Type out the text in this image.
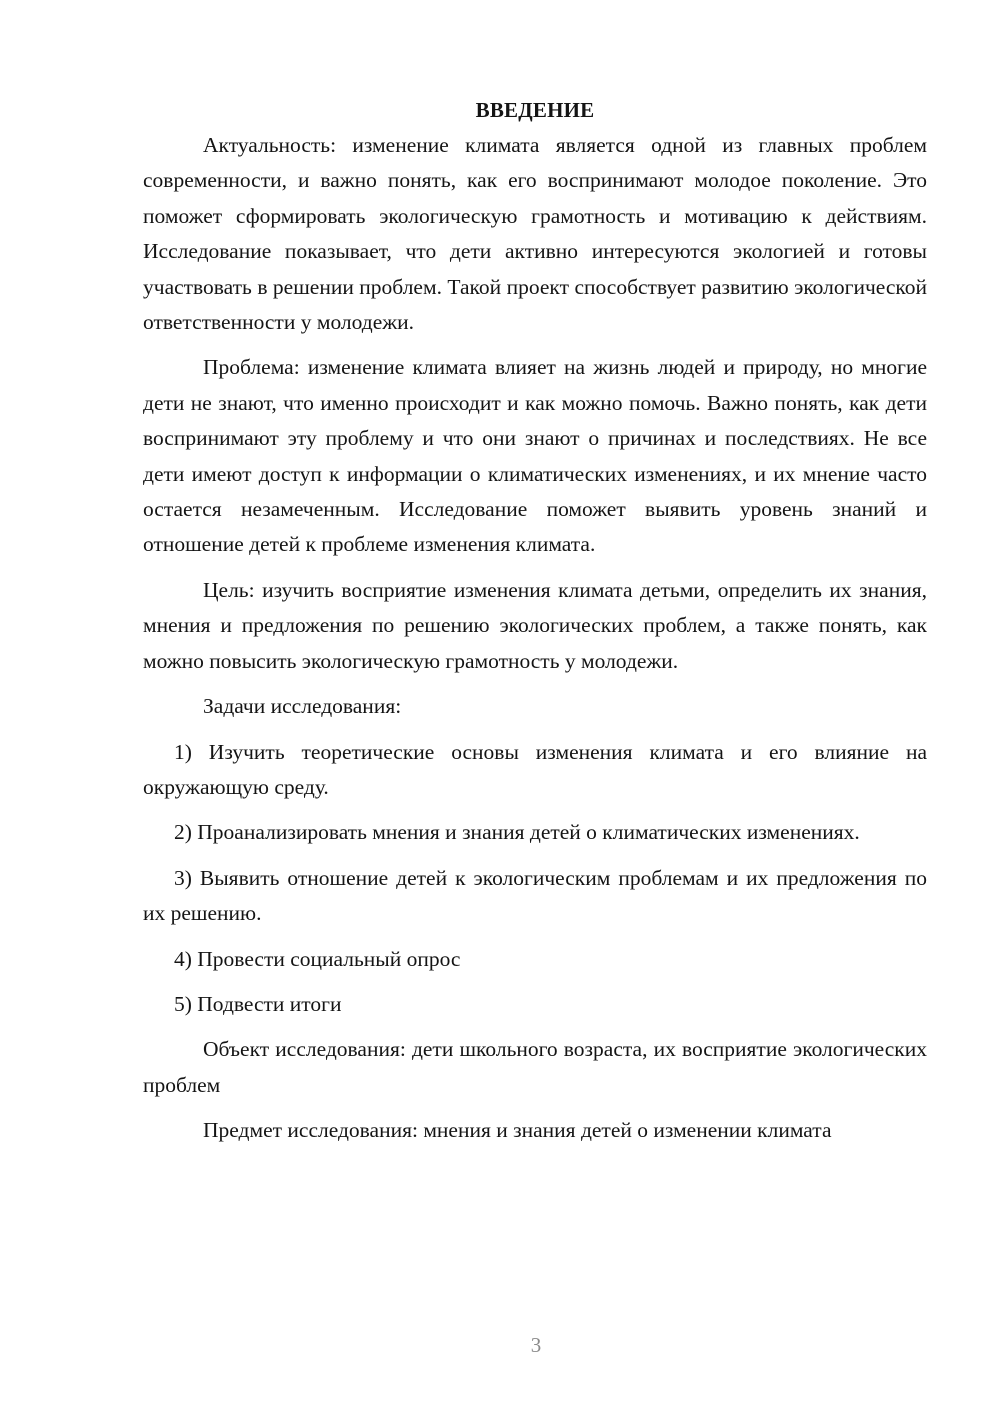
ВВЕДЕНИЕ

Актуальность: изменение климата является одной из главных проблем современности, и важно понять, как его воспринимают молодое поколение. Это поможет сформировать экологическую грамотность и мотивацию к действиям. Исследование показывает, что дети активно интересуются экологией и готовы участвовать в решении проблем. Такой проект способствует развитию экологической ответственности у молодежи.

Проблема: изменение климата влияет на жизнь людей и природу, но многие дети не знают, что именно происходит и как можно помочь. Важно понять, как дети воспринимают эту проблему и что они знают о причинах и последствиях. Не все дети имеют доступ к информации о климатических изменениях, и их мнение часто остается незамеченным. Исследование поможет выявить уровень знаний и отношение детей к проблеме изменения климата.

Цель: изучить восприятие изменения климата детьми, определить их знания, мнения и предложения по решению экологических проблем, а также понять, как можно повысить экологическую грамотность у молодежи.

Задачи исследования:

1) Изучить теоретические основы изменения климата и его влияние на окружающую среду.

2) Проанализировать мнения и знания детей о климатических изменениях.

3) Выявить отношение детей к экологическим проблемам и их предложения по их решению.

4) Провести социальный опрос

5) Подвести итоги

Объект исследования: дети школьного возраста, их восприятие экологических проблем

Предмет исследования: мнения и знания детей о изменении климата

3
